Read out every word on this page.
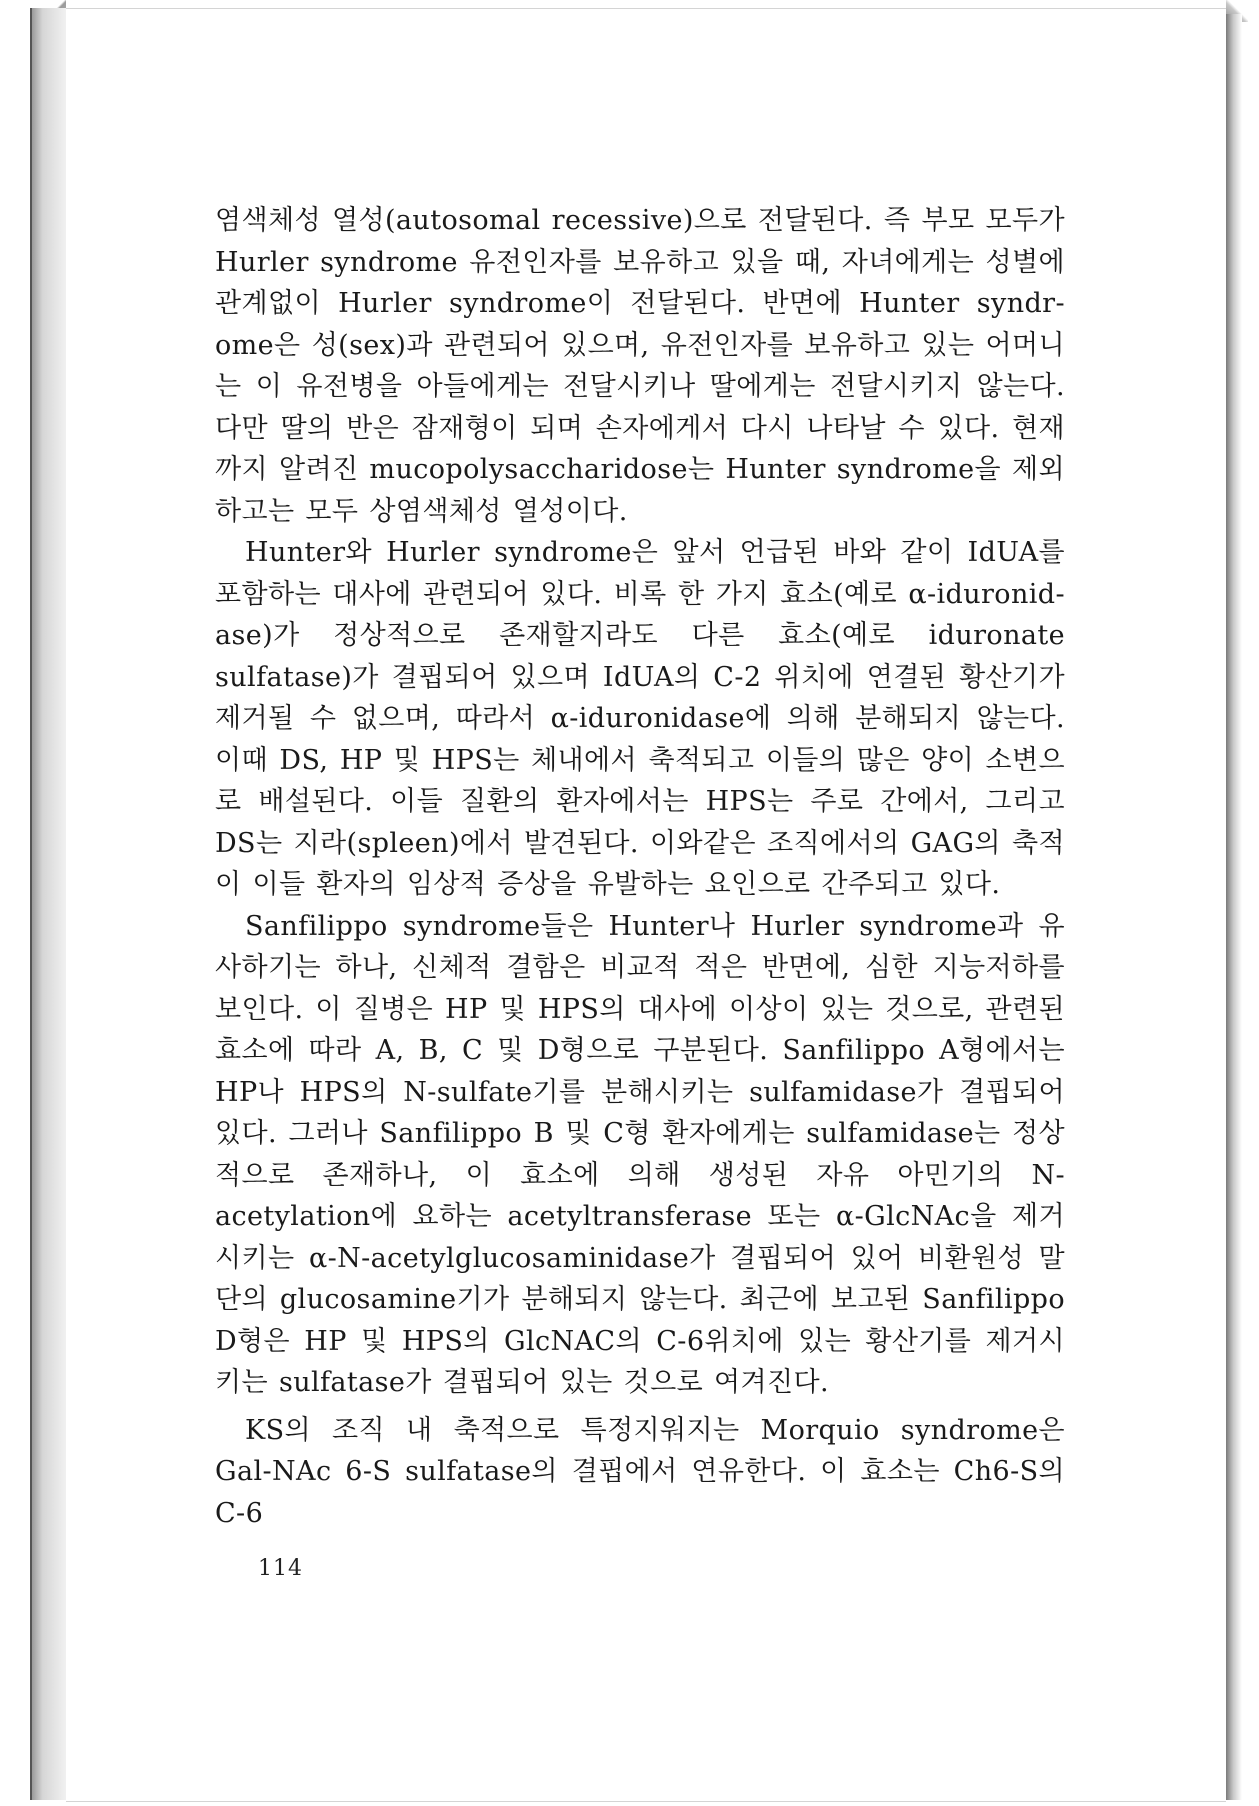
염색체성 열성(autosomal recessive)으로 전달된다. 즉 부모 모두가 Hurler syndrome 유전인자를 보유하고 있을 때, 자녀에게는 성별에 관계없이 Hurler syndrome이 전달된다. 반면에 Hunter syndr-ome은 성(sex)과 관련되어 있으며, 유전인자를 보유하고 있는 어머니는 이 유전병을 아들에게는 전달시키나 딸에게는 전달시키지 않는다. 다만 딸의 반은 잠재형이 되며 손자에게서 다시 나타날 수 있다. 현재까지 알려진 mucopolysaccharidose는 Hunter syndrome을 제외하고는 모두 상염색체성 열성이다.

Hunter와 Hurler syndrome은 앞서 언급된 바와 같이 IdUA를 포함하는 대사에 관련되어 있다. 비록 한 가지 효소(예로 α-iduronid-ase)가 정상적으로 존재할지라도 다른 효소(예로 iduronate sulfatase)가 결핍되어 있으며 IdUA의 C-2 위치에 연결된 황산기가 제거될 수 없으며, 따라서 α-iduronidase에 의해 분해되지 않는다. 이때 DS, HP 및 HPS는 체내에서 축적되고 이들의 많은 양이 소변으로 배설된다. 이들 질환의 환자에서는 HPS는 주로 간에서, 그리고 DS는 지라(spleen)에서 발견된다. 이와같은 조직에서의 GAG의 축적이 이들 환자의 임상적 증상을 유발하는 요인으로 간주되고 있다.

Sanfilippo syndrome들은 Hunter나 Hurler syndrome과 유사하기는 하나, 신체적 결함은 비교적 적은 반면에, 심한 지능저하를 보인다. 이 질병은 HP 및 HPS의 대사에 이상이 있는 것으로, 관련된 효소에 따라 A, B, C 및 D형으로 구분된다. Sanfilippo A형에서는 HP나 HPS의 N-sulfate기를 분해시키는 sulfamidase가 결핍되어 있다. 그러나 Sanfilippo B 및 C형 환자에게는 sulfamidase는 정상적으로 존재하나, 이 효소에 의해 생성된 자유 아민기의 N-acetylation에 요하는 acetyltransferase 또는 α-GlcNAc을 제거시키는 α-N-acetylglucosaminidase가 결핍되어 있어 비환원성 말단의 glucosamine기가 분해되지 않는다. 최근에 보고된 Sanfilippo D형은 HP 및 HPS의 GlcNAC의 C-6위치에 있는 황산기를 제거시키는 sulfatase가 결핍되어 있는 것으로 여겨진다.

KS의 조직 내 축적으로 특정지워지는 Morquio syndrome은 Gal-NAc 6-S sulfatase의 결핍에서 연유한다. 이 효소는 Ch6-S의 C-6

114
